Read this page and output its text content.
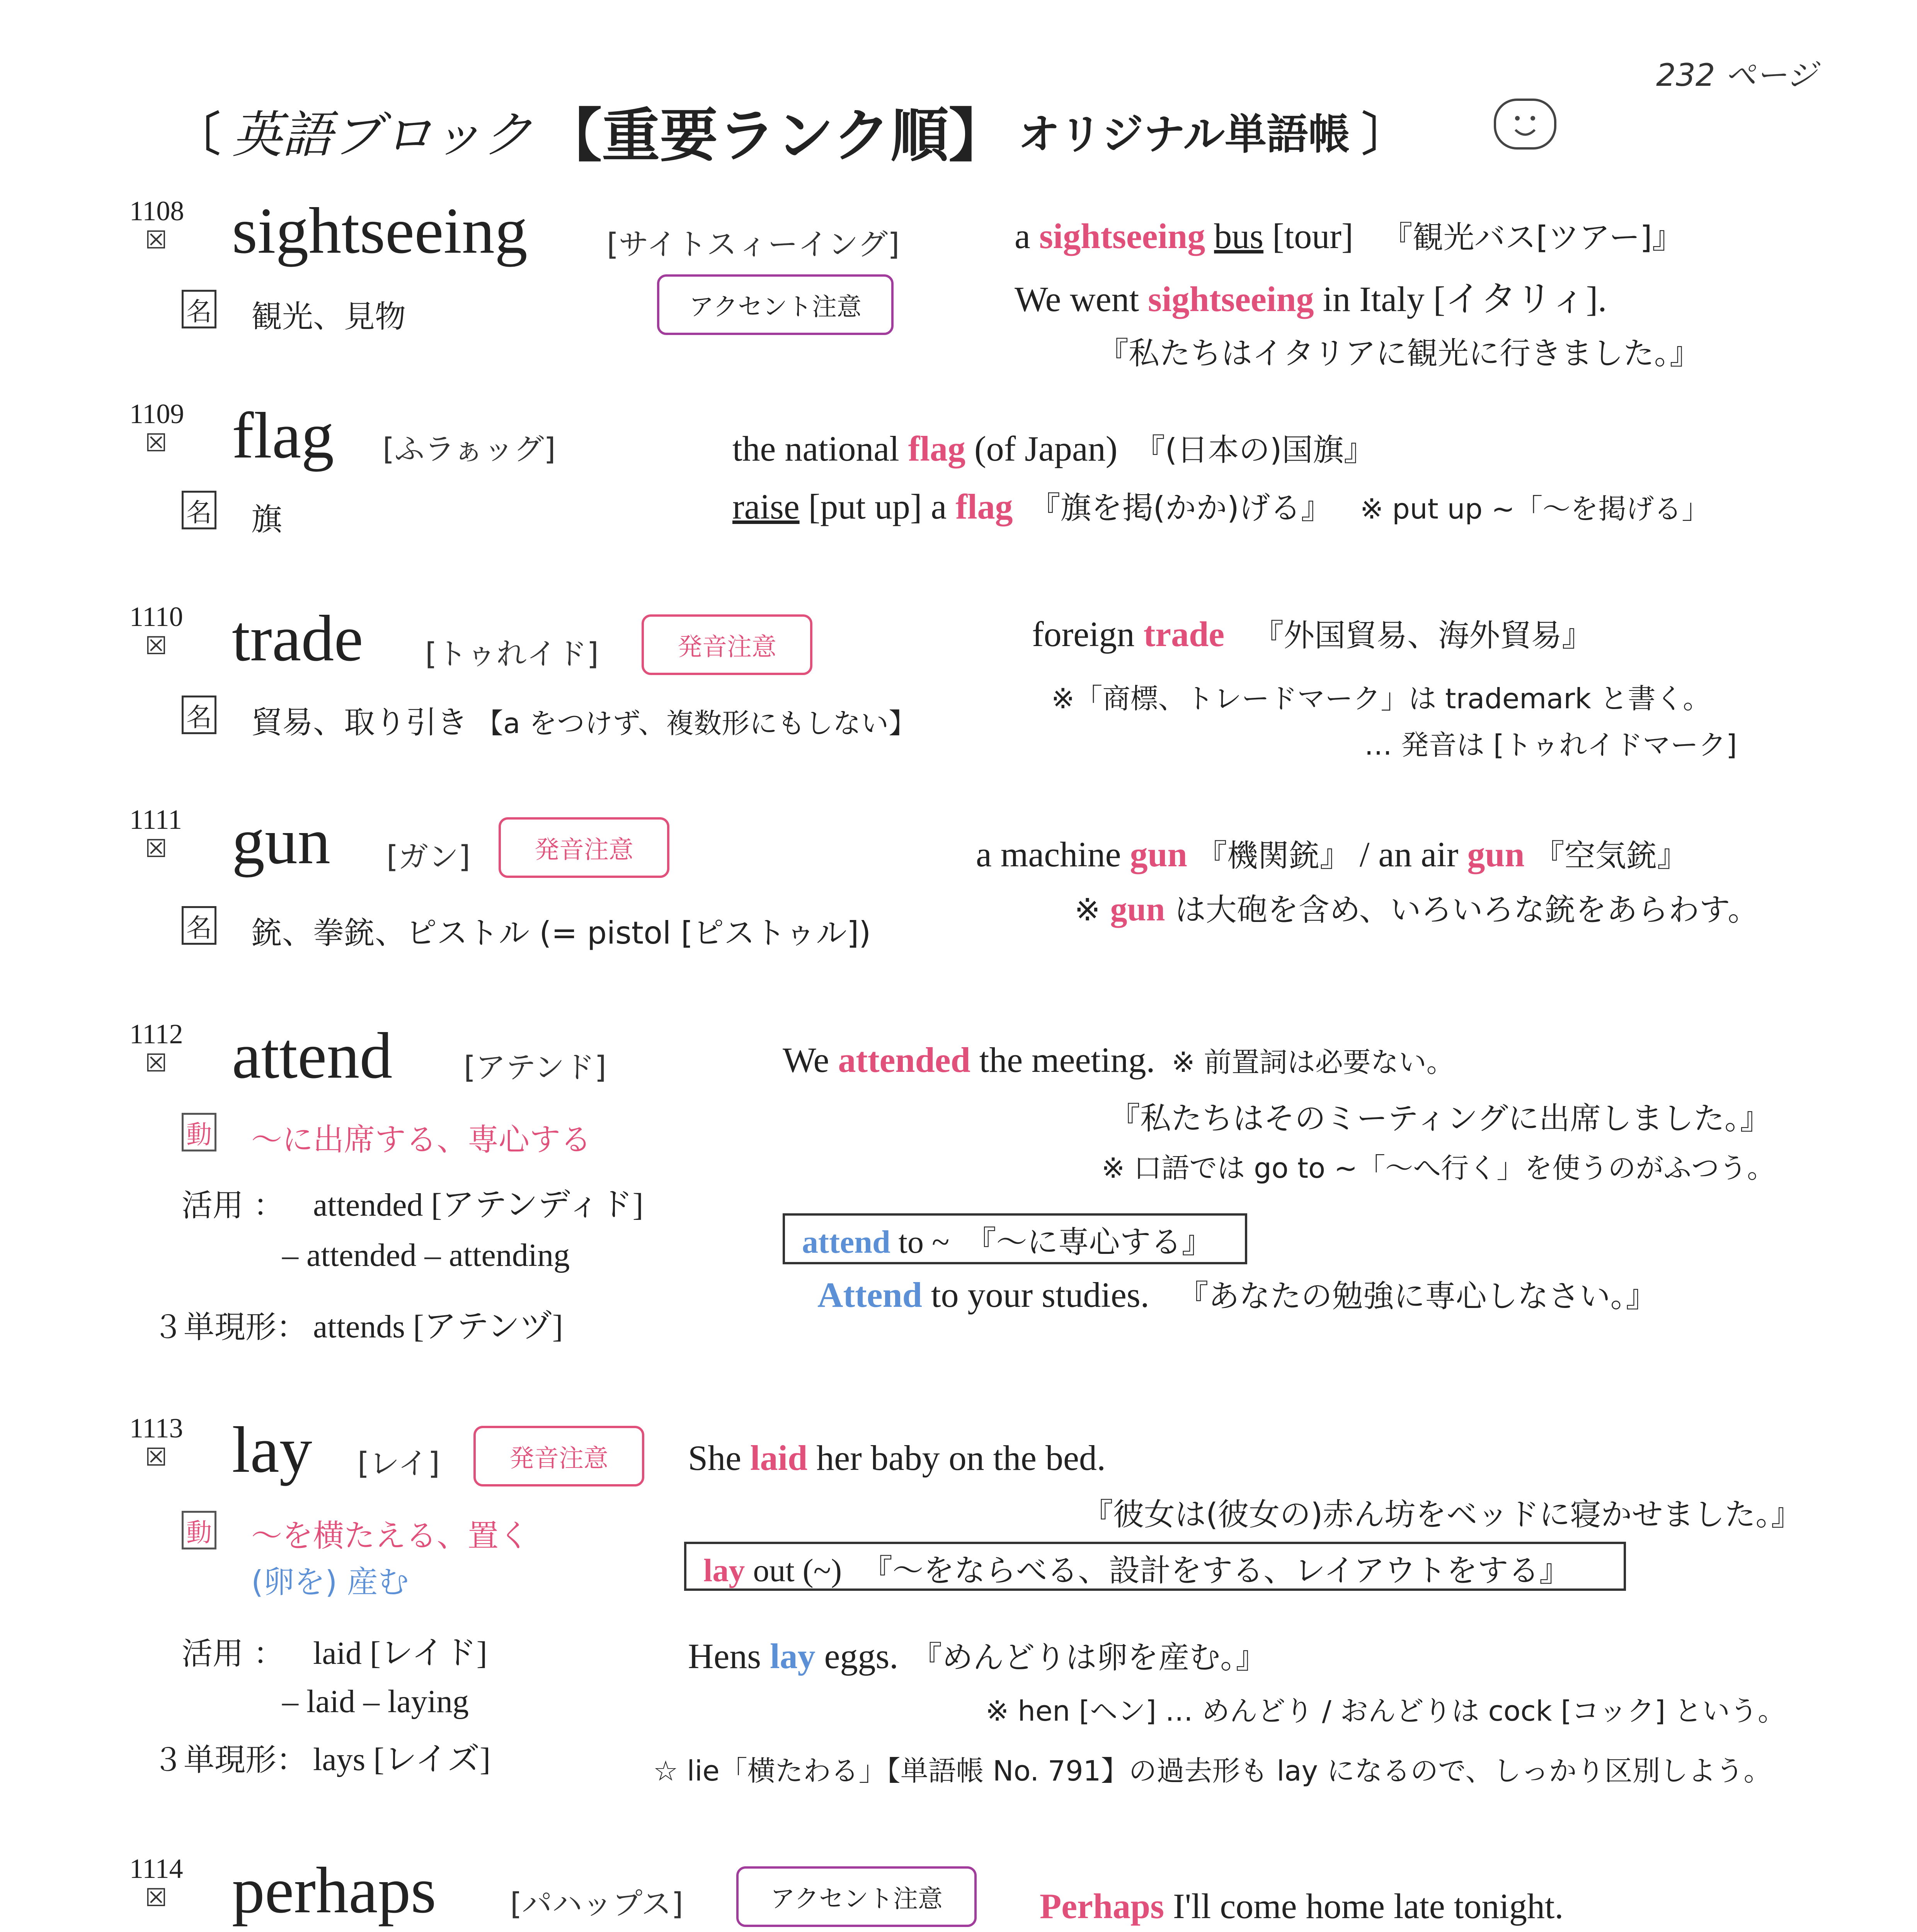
232 ページ
〔 英語ブロック 【重要ランク順】 オリジナル単語帳 〕
1108
☒ sightseeing	[サイトスィーイング]
アクセント注意
名 観光、見物
a sightseeing bus [tour] 『観光バス[ツアー]』
We went sightseeing in Italy [イタリィ].
『私たちはイタリアに観光に行きました。』
1109
☒ flag [ふラぁッグ]
名 旗
the national flag (of Japan) 『(日本の)国旗』
raise [put up] a flag 『旗を掲(かか)げる』 ※ put up ~「～を掲げる」
1110
☒ trade [トゥれイド]	発音注意
名 貿易、取り引き 【a をつけず、複数形にもしない】
foreign trade 『外国貿易、海外貿易』
※「商標、トレードマーク」は trademark と書く。
… 発音は [トゥれイドマーク]
1111
☒ gun [ガン]	発音注意
名 銃、拳銃、ピストル (= pistol [ピストゥル])
a machine gun 『機関銃』 / an air gun 『空気銃』
※ gun は大砲を含め、いろいろな銃をあらわす。
1112
☒ attend [アテンド]
動 ～に出席する、専心する
活用 ： attended [アテンディド]
– attended – attending
３単現形： attends [アテンヅ]
We attended the meeting. ※ 前置詞は必要ない。
『私たちはそのミーティングに出席しました。』
※ 口語では go to ~「～へ行く」を使うのがふつう。
attend to ~ 『～に専心する』
Attend to your studies. 『あなたの勉強に専心しなさい。』
1113
☒ lay [レイ]	発音注意
動 ～を横たえる、置く
(卵を) 産む
活用 ： laid [レイド]
– laid – laying
３単現形： lays [レイズ]
She laid her baby on the bed.
『彼女は(彼女の)赤ん坊をベッドに寝かせました。』
lay out (~) 『～をならべる、設計をする、レイアウトをする』
Hens lay eggs. 『めんどりは卵を産む。』
※ hen [ヘン] … めんどり / おんどりは cock [コック] という。
☆ lie「横たわる」【単語帳 No. 791】の過去形も lay になるので、しっかり区別しよう。
1114
☒ perhaps [パハップス]	アクセント注意	Perhaps I'll come home late tonight.
